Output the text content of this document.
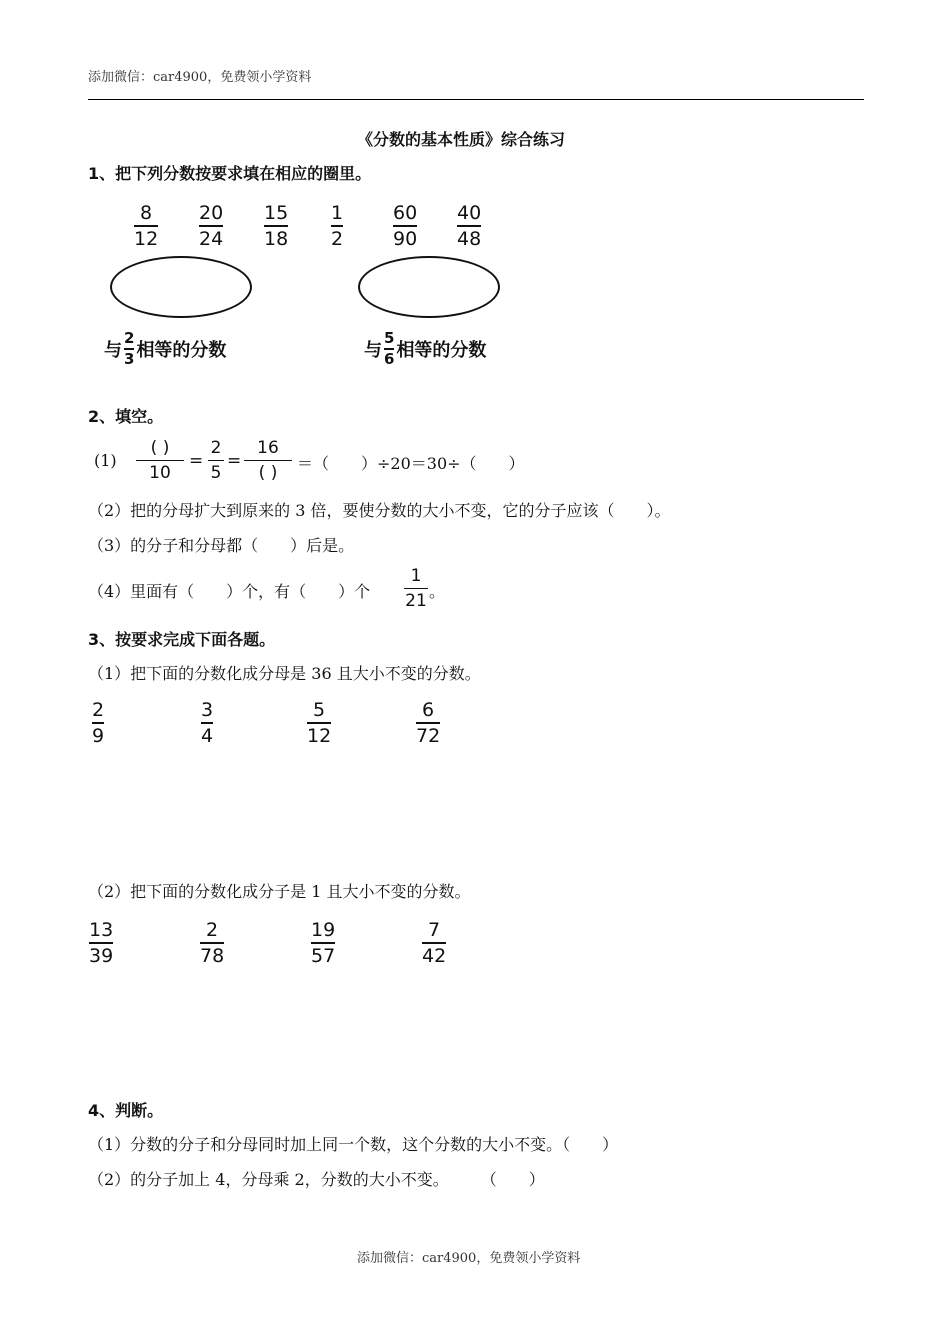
添加微信：car4900，免费领小学资料
《分数的基本性质》综合练习
1、把下列分数按要求填在相应的圈里。
8
12
20
24
15
18
1
2
60
90
40
48
与 $\frac{2}{3}$ 相等的分数	与 $\frac{5}{6}$ 相等的分数
2、填空。
(1)
( )
10
=
2
5
=
16
( ) ＝（　　）÷20＝30÷（　　）
（2）把的分母扩大到原来的 3 倍，要使分数的大小不变，它的分子应该（　　）。
（3）的分子和分母都（　　）后是。
（4）里面有（　　）个，有（　　）个
1
21 。
3、按要求完成下面各题。
（1）把下面的分数化成分母是 36 且大小不变的分数。
2
9
3
4
5
12
6
72
（2）把下面的分数化成分子是 1 且大小不变的分数。
13
39
2
78
19
57
7
42
4、判断。
（1）分数的分子和分母同时加上同一个数，这个分数的大小不变。（　　）
（2）的分子加上 4，分母乘 2，分数的大小不变。　　　（　　）
添加微信：car4900，免费领小学资料
